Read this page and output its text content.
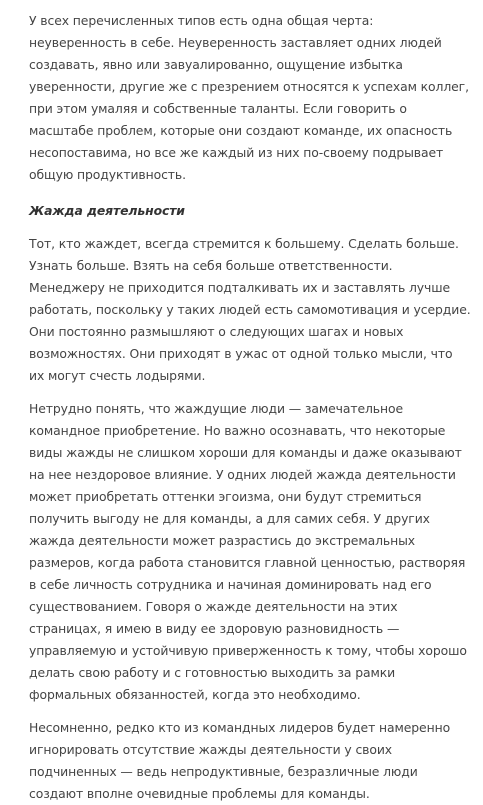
У всех перечисленных типов есть одна общая черта: неуверенность в себе. Неуверенность заставляет одних людей создавать, явно или завуалированно, ощущение избытка уверенности, другие же с презрением относятся к успехам коллег, при этом умаляя и собственные таланты. Если говорить о масштабе проблем, которые они создают команде, их опасность несопоставима, но все же каждый из них по-своему подрывает общую продуктивность.

Жажда деятельности

Тот, кто жаждет, всегда стремится к большему. Сделать больше. Узнать больше. Взять на себя больше ответственности. Менеджеру не приходится подталкивать их и заставлять лучше работать, поскольку у таких людей есть самомотивация и усердие. Они постоянно размышляют о следующих шагах и новых возможностях. Они приходят в ужас от одной только мысли, что их могут счесть лодырями.

Нетрудно понять, что жаждущие люди — замечательное командное приобретение. Но важно осознавать, что некоторые виды жажды не слишком хороши для команды и даже оказывают на нее нездоровое влияние. У одних людей жажда деятельности может приобретать оттенки эгоизма, они будут стремиться получить выгоду не для команды, а для самих себя. У других жажда деятельности может разрастись до экстремальных размеров, когда работа становится главной ценностью, растворяя в себе личность сотрудника и начиная доминировать над его существованием. Говоря о жажде деятельности на этих страницах, я имею в виду ее здоровую разновидность — управляемую и устойчивую приверженность к тому, чтобы хорошо делать свою работу и с готовностью выходить за рамки формальных обязанностей, когда это необходимо.

Несомненно, редко кто из командных лидеров будет намеренно игнорировать отсутствие жажды деятельности у своих подчиненных — ведь непродуктивные, безразличные люди создают вполне очевидные проблемы для команды.
